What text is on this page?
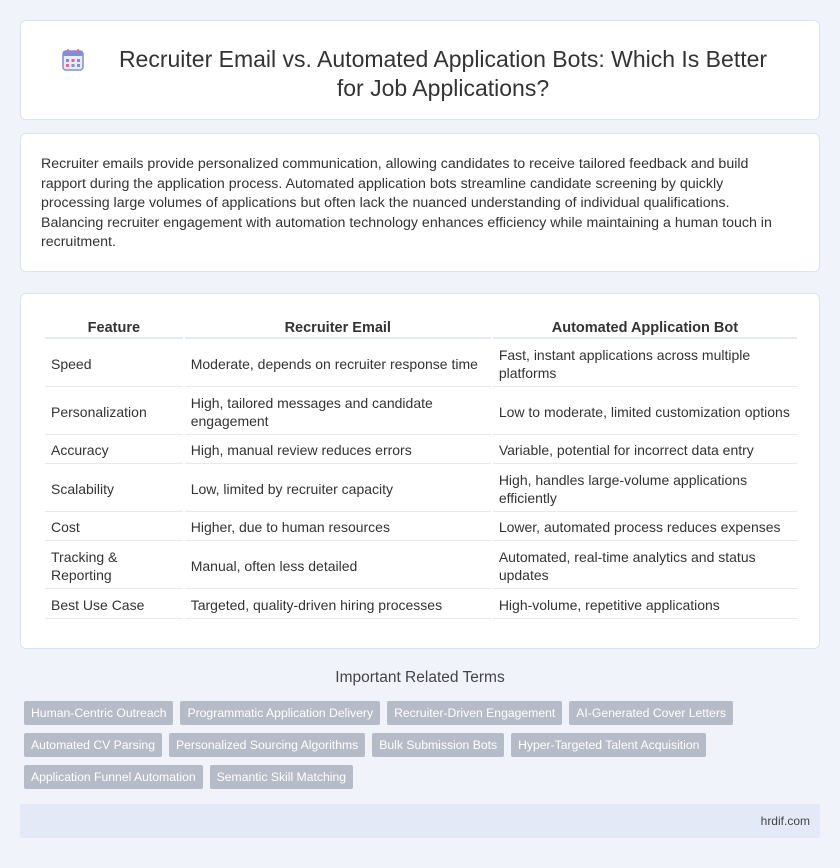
Recruiter Email vs. Automated Application Bots: Which Is Better for Job Applications?

Recruiter emails provide personalized communication, allowing candidates to receive tailored feedback and build rapport during the application process. Automated application bots streamline candidate screening by quickly processing large volumes of applications but often lack the nuanced understanding of individual qualifications. Balancing recruiter engagement with automation technology enhances efficiency while maintaining a human touch in recruitment.

Feature	Recruiter Email	Automated Application Bot
Speed	Moderate, depends on recruiter response time	Fast, instant applications across multiple platforms
Personalization	High, tailored messages and candidate engagement	Low to moderate, limited customization options
Accuracy	High, manual review reduces errors	Variable, potential for incorrect data entry
Scalability	Low, limited by recruiter capacity	High, handles large-volume applications efficiently
Cost	Higher, due to human resources	Lower, automated process reduces expenses
Tracking & Reporting	Manual, often less detailed	Automated, real-time analytics and status updates
Best Use Case	Targeted, quality-driven hiring processes	High-volume, repetitive applications
Important Related Terms
Human-Centric Outreach	Programmatic Application Delivery	Recruiter-Driven Engagement	AI-Generated Cover Letters
Automated CV Parsing	Personalized Sourcing Algorithms	Bulk Submission Bots	Hyper-Targeted Talent Acquisition
Application Funnel Automation	Semantic Skill Matching
hrdif.com
